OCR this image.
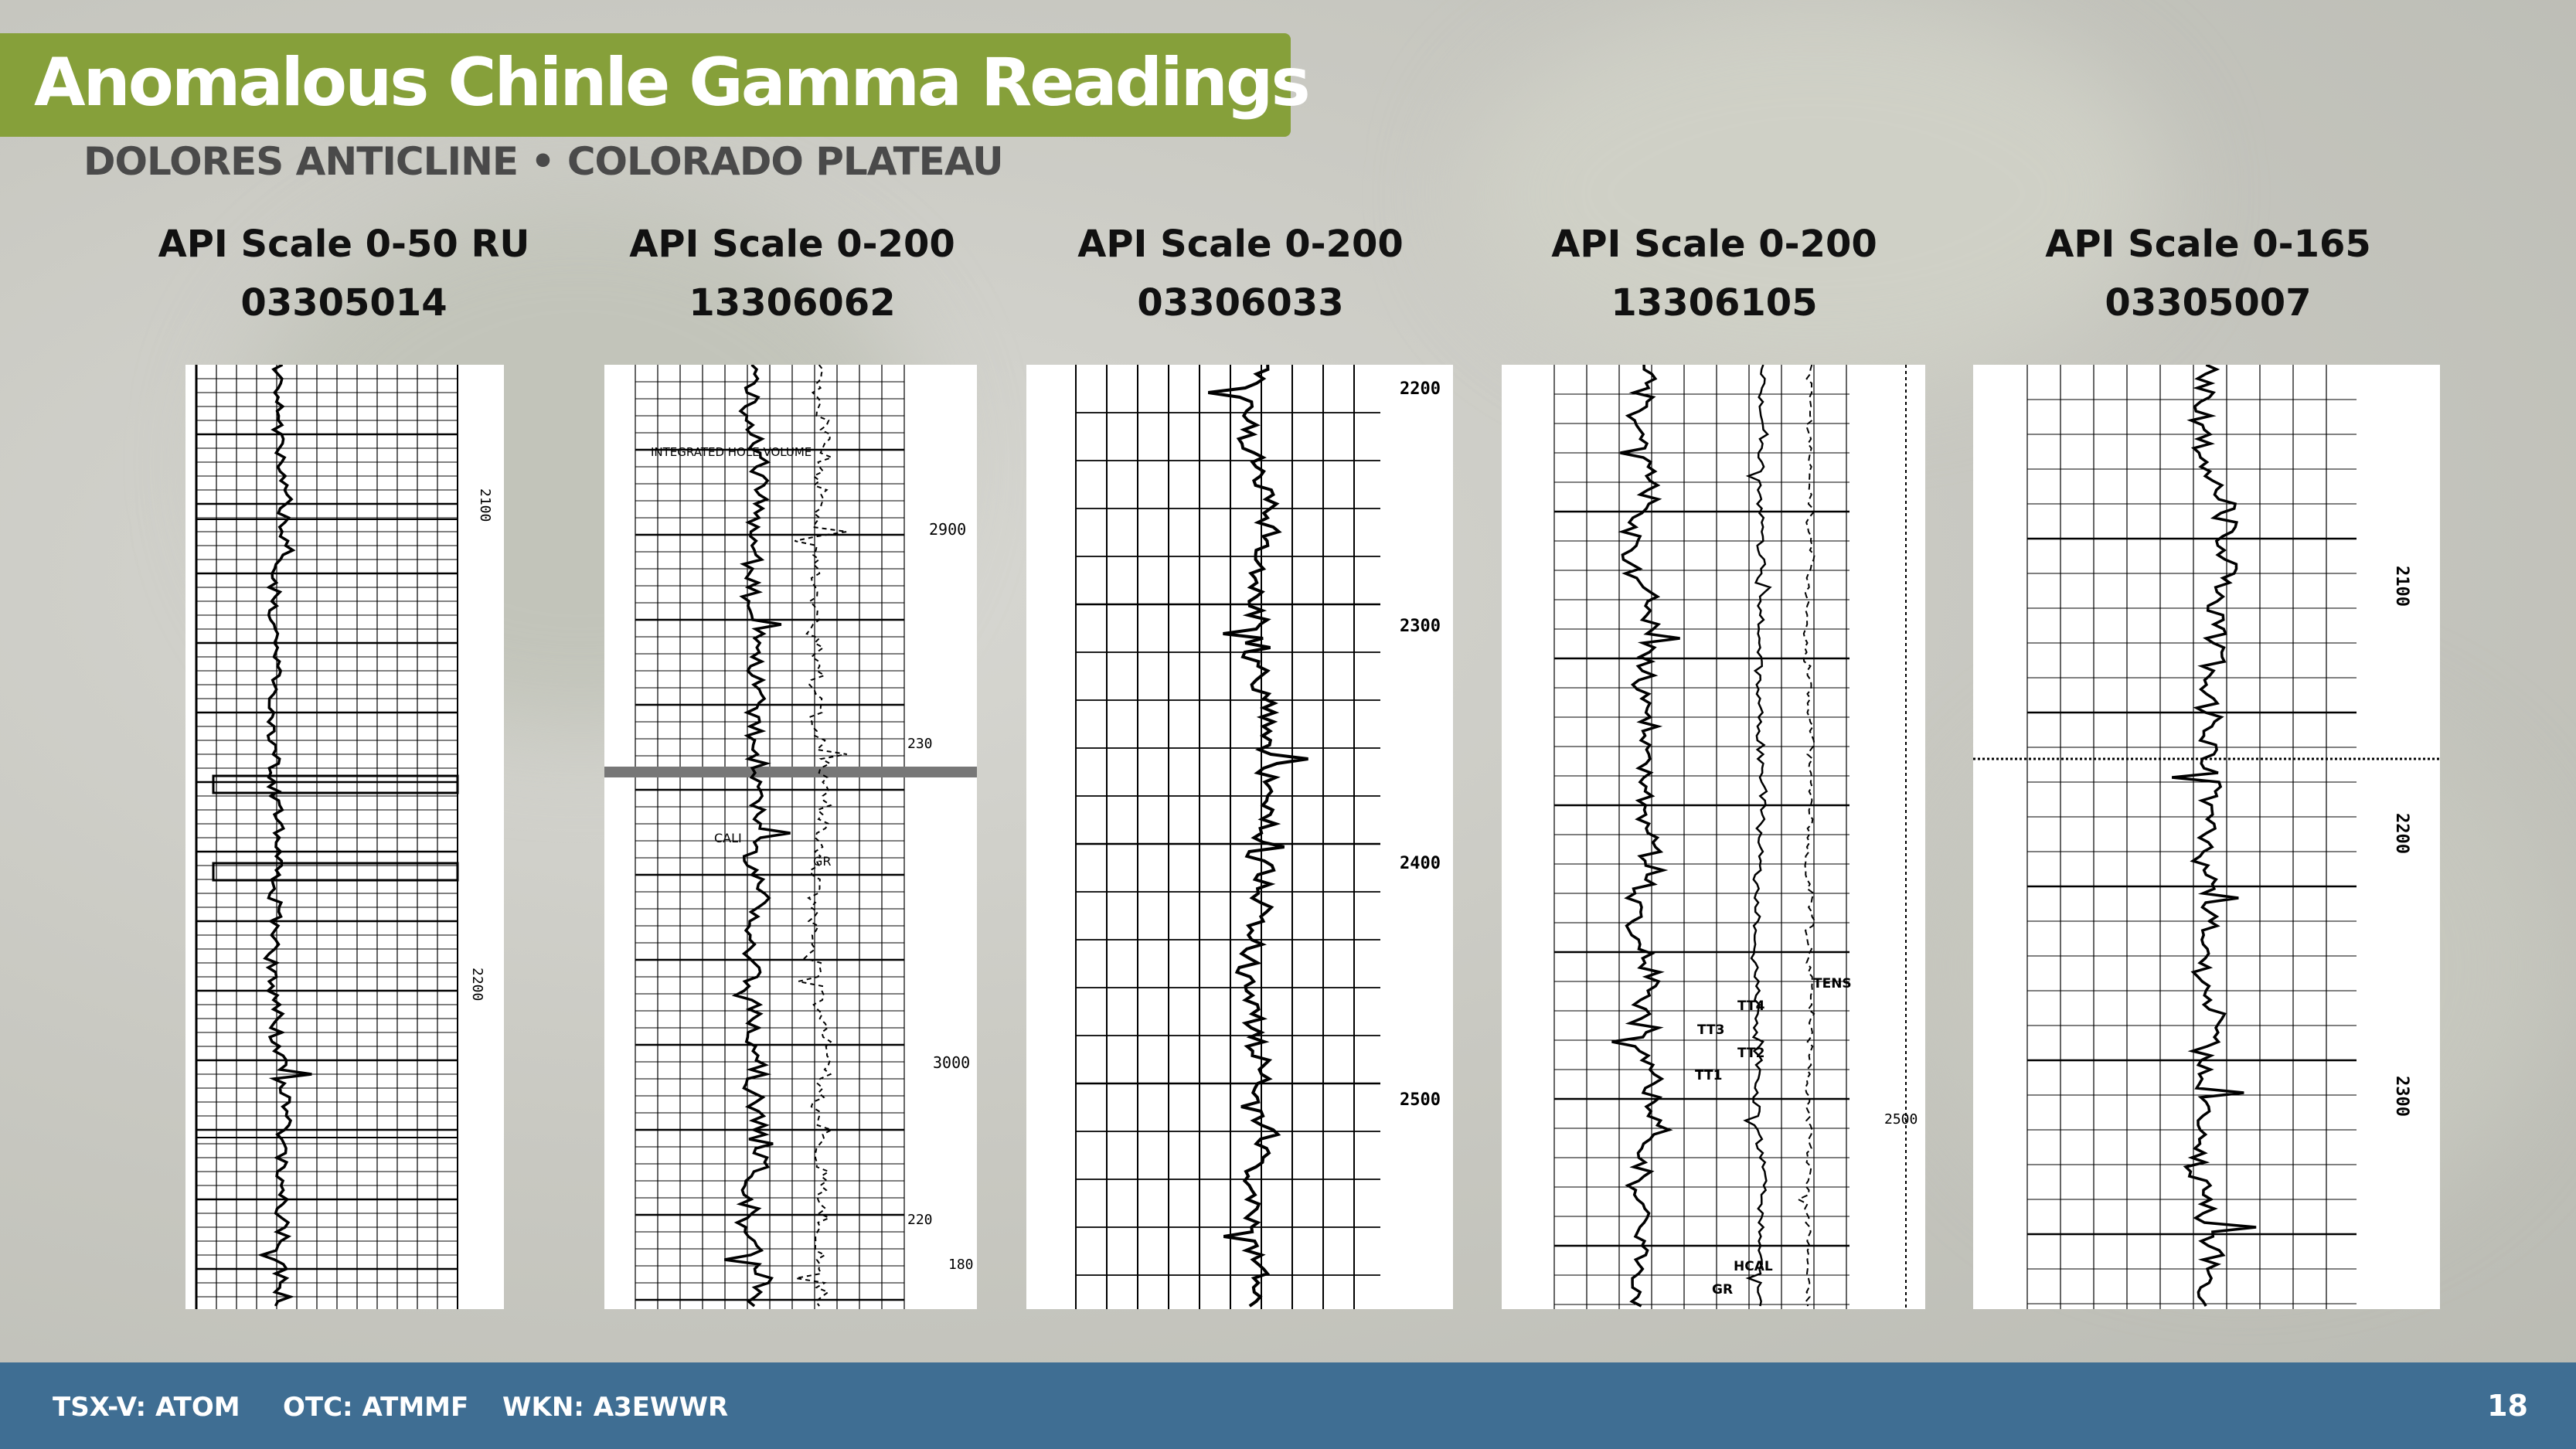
Anomalous Chinle Gamma Readings
DOLORES ANTICLINE • COLORADO PLATEAU
API Scale 0-50 RU
03305014
API Scale 0-200
13306062
API Scale 0-200
03306033
API Scale 0-200
13306105
API Scale 0-165
03305007
2100
2200
INTEGRATED HOLE VOLUME
CALI
GR
2900
3000
230
220
180
2200
2300
2400
2500
TENS
TT4
TT3
TT2
TT1
HCAL
GR
2500
2100
2200
2300
TSX-V: ATOM OTC: ATMMF WKN: A3EWWR	18
